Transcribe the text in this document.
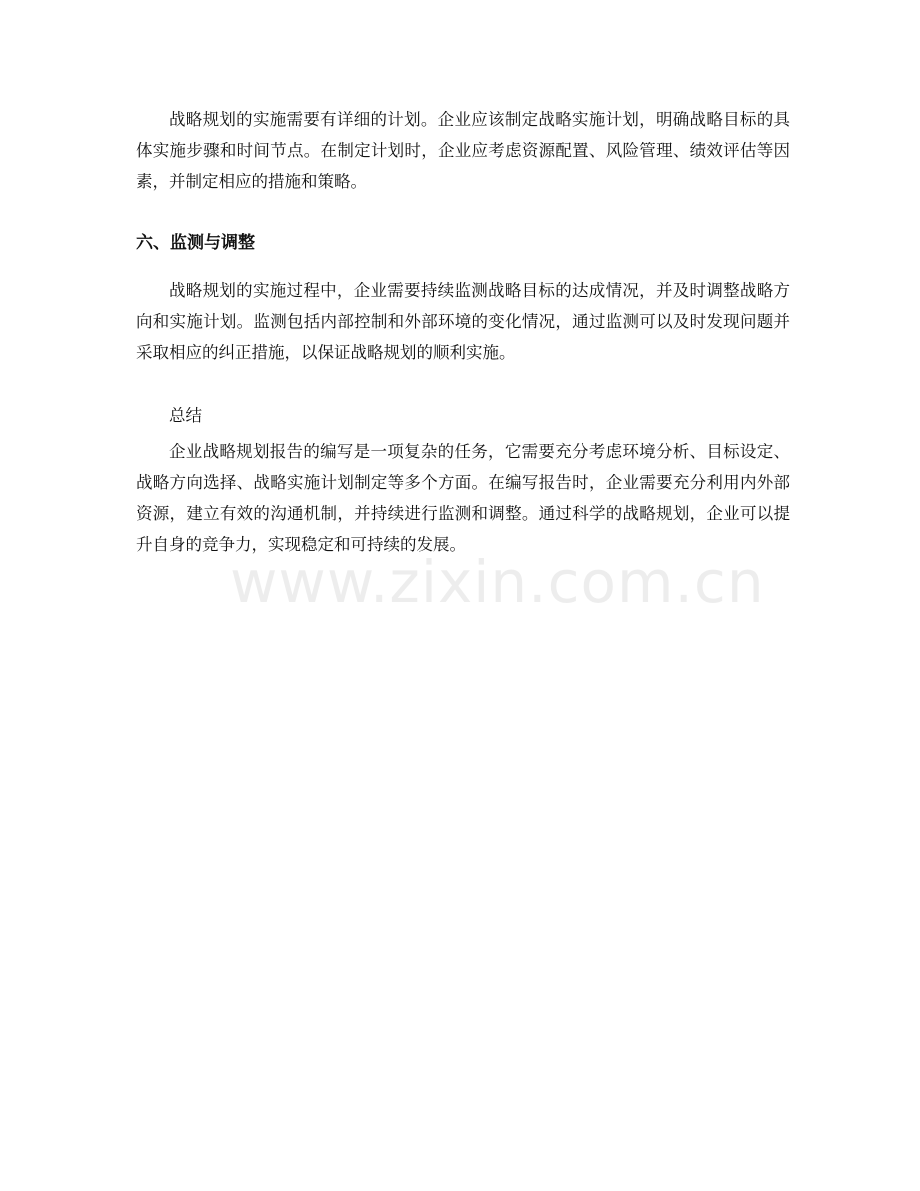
战略规划的实施需要有详细的计划。企业应该制定战略实施计划，明确战略目标的具体实施步骤和时间节点。在制定计划时，企业应考虑资源配置、风险管理、绩效评估等因素，并制定相应的措施和策略。

六、监测与调整

战略规划的实施过程中，企业需要持续监测战略目标的达成情况，并及时调整战略方向和实施计划。监测包括内部控制和外部环境的变化情况，通过监测可以及时发现问题并采取相应的纠正措施，以保证战略规划的顺利实施。

总结

企业战略规划报告的编写是一项复杂的任务，它需要充分考虑环境分析、目标设定、战略方向选择、战略实施计划制定等多个方面。在编写报告时，企业需要充分利用内外部资源，建立有效的沟通机制，并持续进行监测和调整。通过科学的战略规划，企业可以提升自身的竞争力，实现稳定和可持续的发展。

www.zixin.com.cn
